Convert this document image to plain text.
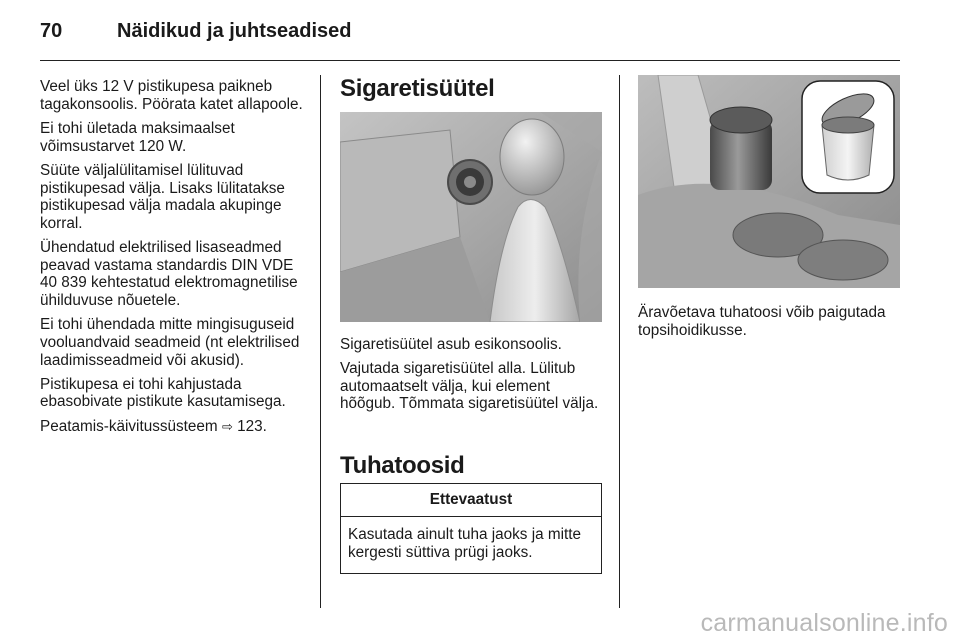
70	Näidikud ja juhtseadised

Veel üks 12 V pistikupesa paikneb tagakonsoolis. Pöörata katet allapoole.

Ei tohi ületada maksimaalset võimsustarvet 120 W.

Süüte väljalülitamisel lülituvad pistikupesad välja. Lisaks lülitatakse pistikupesad välja madala akupinge korral.

Ühendatud elektrilised lisaseadmed peavad vastama standardis DIN VDE 40 839 kehtestatud elektromagnetilise ühilduvuse nõuetele.

Ei tohi ühendada mitte mingisuguseid vooluandvaid seadmeid (nt elektrilised laadimisseadmeid või akusid).

Pistikupesa ei tohi kahjustada ebasobivate pistikute kasutamisega.

Peatamis-käivitussüsteem ⇨ 123.

Sigaretisüütel

Sigaretisüütel asub esikonsoolis.

Vajutada sigaretisüütel alla. Lülitub automaatselt välja, kui element hõõgub. Tõmmata sigaretisüütel välja.

Tuhatoosid
Ettevaatust
Kasutada ainult tuha jaoks ja mitte kergesti süttiva prügi jaoks.

Äravõetava tuhatoosi võib paigutada topsihoidikusse.

carmanualsonline.info
